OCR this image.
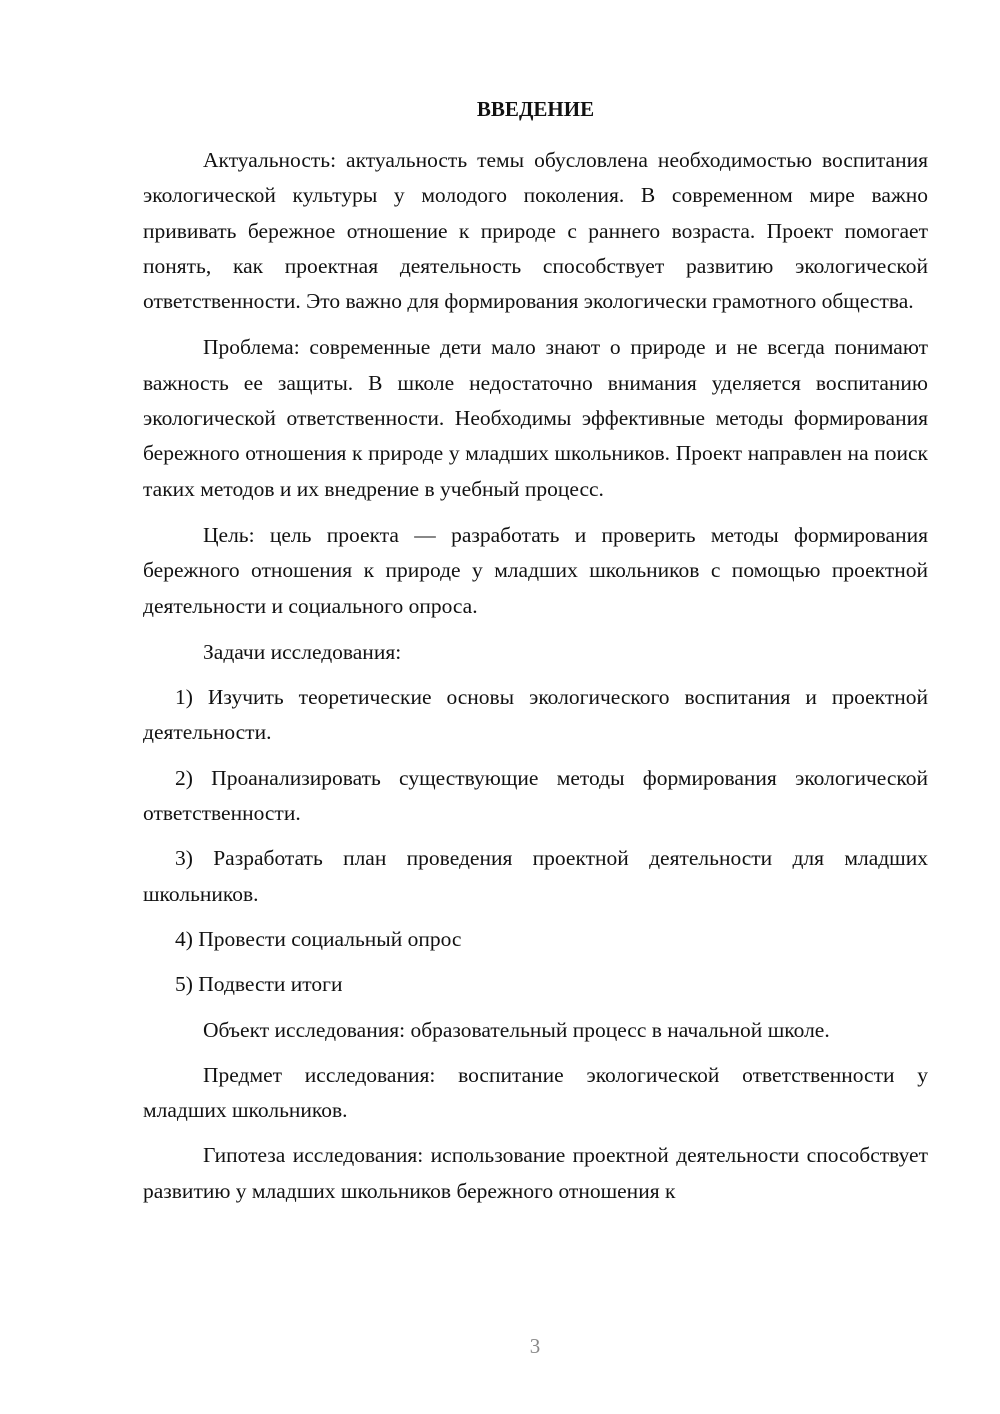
ВВЕДЕНИЕ

Актуальность: актуальность темы обусловлена необходимостью воспитания экологической культуры у молодого поколения. В современном мире важно прививать бережное отношение к природе с раннего возраста. Проект помогает понять, как проектная деятельность способствует развитию экологической ответственности. Это важно для формирования экологически грамотного общества.

Проблема: современные дети мало знают о природе и не всегда понимают важность ее защиты. В школе недостаточно внимания уделяется воспитанию экологической ответственности. Необходимы эффективные методы формирования бережного отношения к природе у младших школьников. Проект направлен на поиск таких методов и их внедрение в учебный процесс.

Цель: цель проекта — разработать и проверить методы формирования бережного отношения к природе у младших школьников с помощью проектной деятельности и социального опроса.

Задачи исследования:

1) Изучить теоретические основы экологического воспитания и проектной деятельности.

2) Проанализировать существующие методы формирования экологической ответственности.

3) Разработать план проведения проектной деятельности для младших школьников.

4) Провести социальный опрос

5) Подвести итоги

Объект исследования: образовательный процесс в начальной школе.

Предмет исследования: воспитание экологической ответственности у младших школьников.

Гипотеза исследования: использование проектной деятельности способствует развитию у младших школьников бережного отношения к

3
